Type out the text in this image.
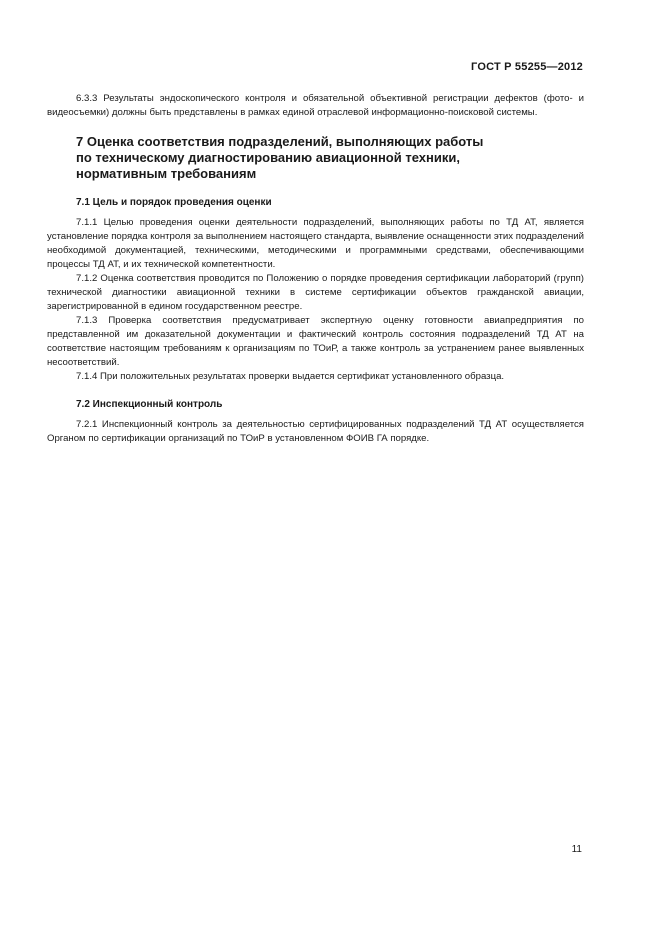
ГОСТ Р 55255—2012

6.3.3 Результаты эндоскопического контроля и обязательной объективной регистрации дефектов (фото- и видеосъемки) должны быть представлены в рамках единой отраслевой информационно-поисковой системы.

7 Оценка соответствия подразделений, выполняющих работы
по техническому диагностированию авиационной техники,
нормативным требованиям
7.1 Цель и порядок проведения оценки

7.1.1 Целью проведения оценки деятельности подразделений, выполняющих работы по ТД АТ, является установление порядка контроля за выполнением настоящего стандарта, выявление оснащенности этих подразделений необходимой документацией, техническими, методическими и программными средствами, обеспечивающими процессы ТД АТ, и их технической компетентности.

7.1.2 Оценка соответствия проводится по Положению о порядке проведения сертификации лабораторий (групп) технической диагностики авиационной техники в системе сертификации объектов гражданской авиации, зарегистрированной в едином государственном реестре.

7.1.3 Проверка соответствия предусматривает экспертную оценку готовности авиапредприятия по представленной им доказательной документации и фактический контроль состояния подразделений ТД АТ на соответствие настоящим требованиям к организациям по ТОиР, а также контроль за устранением ранее выявленных несоответствий.

7.1.4 При положительных результатах проверки выдается сертификат установленного образца.

7.2 Инспекционный контроль

7.2.1 Инспекционный контроль за деятельностью сертифицированных подразделений ТД АТ осуществляется Органом по сертификации организаций по ТОиР в установленном ФОИВ ГА порядке.

11
